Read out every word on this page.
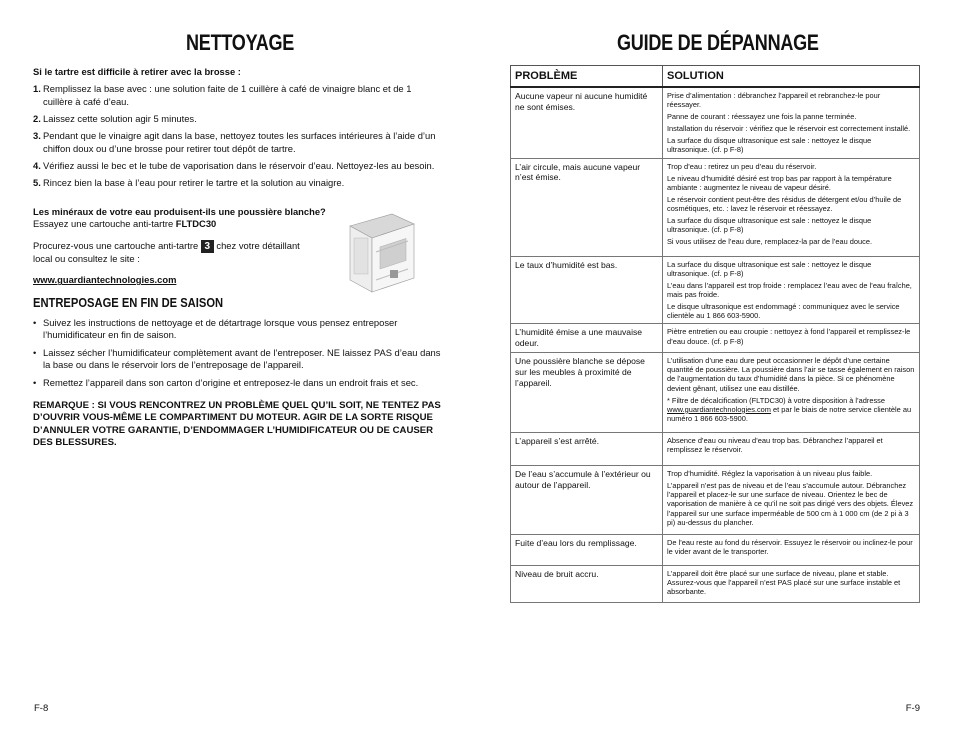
NETTOYAGE
Si le tartre est difficile à retirer avec la brosse :
1. Remplissez la base avec : une solution faite de 1 cuillère à café de vinaigre blanc et de 1 cuillère à café d’eau.
2. Laissez cette solution agir 5 minutes.
3. Pendant que le vinaigre agit dans la base, nettoyez toutes les surfaces intérieures à l’aide d’un chiffon doux ou d’une brosse pour retirer tout dépôt de tartre.
4. Vérifiez aussi le bec et le tube de vaporisation dans le réservoir d’eau. Nettoyez-les au besoin.
5. Rincez bien la base à l’eau pour retirer le tartre et la solution au vinaigre.

Les minéraux de votre eau produisent-ils une poussière blanche?

Essayez une cartouche anti-tartre FLTDC30

Procurez-vous une cartouche anti-tartre 3 chez votre détaillant local ou consultez le site :

www.guardiantechnologies.com

ENTREPOSAGE EN FIN DE SAISON
• Suivez les instructions de nettoyage et de détartrage lorsque vous pensez entreposer l’humidificateur en fin de saison.
• Laissez sécher l’humidificateur complètement avant de l’entreposer. NE laissez PAS d’eau dans la base ou dans le réservoir lors de l’entreposage de l’appareil.
• Remettez l’appareil dans son carton d’origine et entreposez-le dans un endroit frais et sec.
REMARQUE : SI VOUS RENCONTREZ UN PROBLÈME QUEL QU’IL SOIT, NE TENTEZ PAS D’OUVRIR VOUS-MÊME LE COMPARTIMENT DU MOTEUR. AGIR DE LA SORTE RISQUE D’ANNULER VOTRE GARANTIE, D’ENDOMMAGER L’HUMIDIFICATEUR OU DE CAUSER DES BLESSURES.
F-8
GUIDE DE DÉPANNAGE
PROBLÈME	SOLUTION
Aucune vapeur ni aucune humidité ne sont émises.	Prise d’alimentation : débranchez l’appareil et rebranchez-le pour réessayer.
Panne de courant : réessayez une fois la panne terminée.
Installation du réservoir : vérifiez que le réservoir est correctement installé.
La surface du disque ultrasonique est sale : nettoyez le disque ultrasonique. (cf. p F-8)

L’air circule, mais aucune vapeur n’est émise.	Trop d’eau : retirez un peu d’eau du réservoir.
Le niveau d’humidité désiré est trop bas par rapport à la température ambiante : augmentez le niveau de vapeur désiré.
Le réservoir contient peut-être des résidus de détergent et/ou d’huile de cosmétiques, etc. : lavez le réservoir et réessayez.
La surface du disque ultrasonique est sale : nettoyez le disque ultrasonique. (cf. p F-8)
Si vous utilisez de l’eau dure, remplacez-la par de l’eau douce.

Le taux d’humidité est bas.	La surface du disque ultrasonique est sale : nettoyez le disque ultrasonique. (cf. p F-8)
L’eau dans l’appareil est trop froide : remplacez l’eau avec de l’eau fraîche, mais pas froide.
Le disque ultrasonique est endommagé : communiquez avec le service clientèle au 1 866 603-5900.

L’humidité émise a une mauvaise odeur.	Piètre entretien ou eau croupie : nettoyez à fond l’appareil et remplissez-le d’eau douce. (cf. p F-8)

Une poussière blanche se dépose sur les meubles à proximité de l’appareil.	L’utilisation d’une eau dure peut occasionner le dépôt d’une certaine quantité de poussière. La poussière dans l’air se tasse également en raison de l’augmentation du taux d’humidité dans la pièce. Si ce phénomène devient gênant, utilisez une eau distillée.
* Filtre de décalcification (FLTDC30) à votre disposition à l’adresse
www.guardiantechnologies.com et par le biais de notre service clientèle au numéro 1 866 603-5900.

L’appareil s’est arrêté.	Absence d’eau ou niveau d’eau trop bas. Débranchez l’appareil et remplissez le réservoir.

De l’eau s’accumule à l’extérieur ou autour de l’appareil.	Trop d’humidité. Réglez la vaporisation à un niveau plus faible.
L’appareil n’est pas de niveau et de l’eau s’accumule autour. Débranchez l’appareil et placez-le sur une surface de niveau. Orientez le bec de vaporisation de manière à ce qu’il ne soit pas dirigé vers des objets. Élevez l’appareil sur une surface imperméable de 500 cm à 1 000 cm (de 2 pi à 3 pi) au-dessus du plancher.

Fuite d’eau lors du remplissage.	De l’eau reste au fond du réservoir. Essuyez le réservoir ou inclinez-le pour le vider avant de le transporter.

Niveau de bruit accru.	L’appareil doit être placé sur une surface de niveau, plane et stable. Assurez-vous que l’appareil n’est PAS placé sur une surface instable et absorbante.
F-9
